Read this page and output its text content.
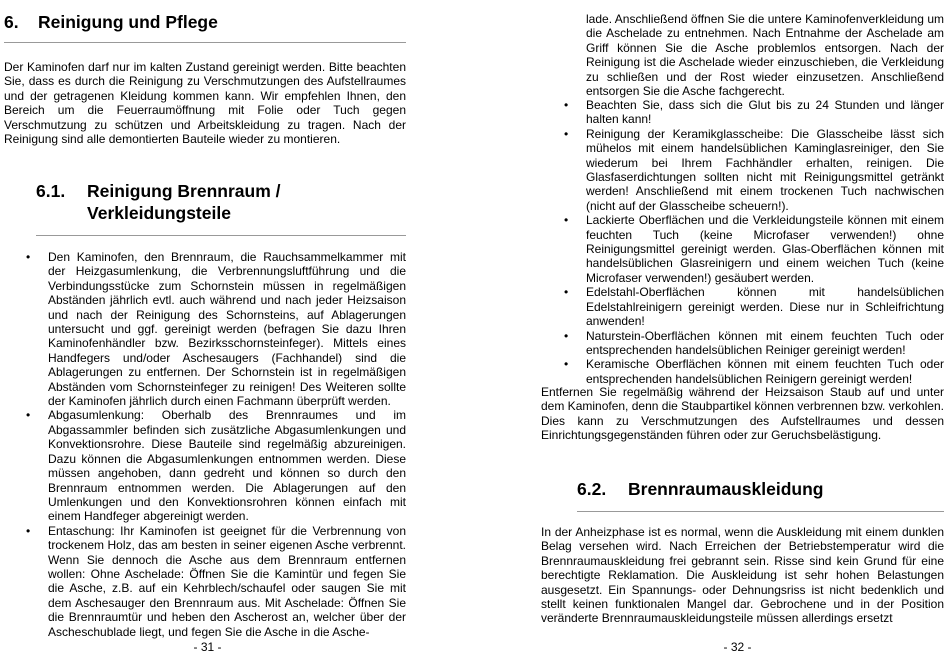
6. Reinigung und Pflege

Der Kaminofen darf nur im kalten Zustand gereinigt werden. Bitte beachten Sie, dass es durch die Reinigung zu Verschmutzungen des Aufstellraumes und der getragenen Kleidung kommen kann. Wir empfehlen Ihnen, den Bereich um die Feuerraumöffnung mit Folie oder Tuch gegen Verschmutzung zu schützen und Arbeitskleidung zu tragen. Nach der Reinigung sind alle demontierten Bauteile wieder zu montieren.

6.1. Reinigung Brennraum /
Verkleidungsteile
• Den Kaminofen, den Brennraum, die Rauchsammelkammer mit der Heizgasumlenkung, die Verbrennungsluftführung und die Verbindungsstücke zum Schornstein müssen in regelmäßigen Abständen jährlich evtl. auch während und nach jeder Heizsaison und nach der Reinigung des Schornsteins, auf Ablagerungen untersucht und ggf. gereinigt werden (befragen Sie dazu Ihren Kaminofenhändler bzw. Bezirksschornsteinfeger). Mittels eines Handfegers und/oder Aschesaugers (Fachhandel) sind die Ablagerungen zu entfernen. Der Schornstein ist in regelmäßigen Abständen vom Schornsteinfeger zu reinigen! Des Weiteren sollte der Kaminofen jährlich durch einen Fachmann überprüft werden.
• Abgasumlenkung: Oberhalb des Brennraumes und im Abgassammler befinden sich zusätzliche Abgasumlenkungen und Konvektionsrohre. Diese Bauteile sind regelmäßig abzureinigen. Dazu können die Abgasumlenkungen entnommen werden. Diese müssen angehoben, dann gedreht und können so durch den Brennraum entnommen werden. Die Ablagerungen auf den Umlenkungen und den Konvektionsrohren können einfach mit einem Handfeger abgereinigt werden.
• Entaschung: Ihr Kaminofen ist geeignet für die Verbrennung von trockenem Holz, das am besten in seiner eigenen Asche verbrennt. Wenn Sie dennoch die Asche aus dem Brennraum entfernen wollen: Ohne Aschelade: Öffnen Sie die Kamintür und fegen Sie die Asche, z.B. auf ein Kehrblech/schaufel oder saugen Sie mit dem Aschesauger den Brennraum aus. Mit Aschelade: Öffnen Sie die Brennraumtür und heben den Ascherost an, welcher über der Ascheschublade liegt, und fegen Sie die Asche in die Asche-
- 31 -

lade. Anschließend öffnen Sie die untere Kaminofenverkleidung um die Aschelade zu entnehmen. Nach Entnahme der Aschelade am Griff können Sie die Asche problemlos entsorgen. Nach der Reinigung ist die Aschelade wieder einzuschieben, die Verkleidung zu schließen und der Rost wieder einzusetzen. Anschließend entsorgen Sie die Asche fachgerecht.

• Beachten Sie, dass sich die Glut bis zu 24 Stunden und länger halten kann!
• Reinigung der Keramikglasscheibe: Die Glasscheibe lässt sich mühelos mit einem handelsüblichen Kaminglasreiniger, den Sie wiederum bei Ihrem Fachhändler erhalten, reinigen. Die Glasfaserdichtungen sollten nicht mit Reinigungsmittel getränkt werden! Anschließend mit einem trockenen Tuch nachwischen (nicht auf der Glasscheibe scheuern!).
• Lackierte Oberflächen und die Verkleidungsteile können mit einem feuchten Tuch (keine Microfaser verwenden!) ohne Reinigungsmittel gereinigt werden. Glas-Oberflächen können mit handelsüblichen Glasreinigern und einem weichen Tuch (keine Microfaser verwenden!) gesäubert werden.
• Edelstahl-Oberflächen können mit handelsüblichen Edelstahlreinigern gereinigt werden. Diese nur in Schleifrichtung anwenden!
• Naturstein-Oberflächen können mit einem feuchten Tuch oder entsprechenden handelsüblichen Reiniger gereinigt werden!
• Keramische Oberflächen können mit einem feuchten Tuch oder entsprechenden handelsüblichen Reinigern gereinigt werden!

Entfernen Sie regelmäßig während der Heizsaison Staub auf und unter dem Kaminofen, denn die Staubpartikel können verbrennen bzw. verkohlen. Dies kann zu Verschmutzungen des Aufstellraumes und dessen Einrichtungsgegenständen führen oder zur Geruchsbelästigung.

6.2. Brennraumauskleidung

In der Anheizphase ist es normal, wenn die Auskleidung mit einem dunklen Belag versehen wird. Nach Erreichen der Betriebstemperatur wird die Brennraumauskleidung frei gebrannt sein. Risse sind kein Grund für eine berechtigte Reklamation. Die Auskleidung ist sehr hohen Belastungen ausgesetzt. Ein Spannungs- oder Dehnungsriss ist nicht bedenklich und stellt keinen funktionalen Mangel dar. Gebrochene und in der Position veränderte Brennraumauskleidungsteile müssen allerdings ersetzt

- 32 -
